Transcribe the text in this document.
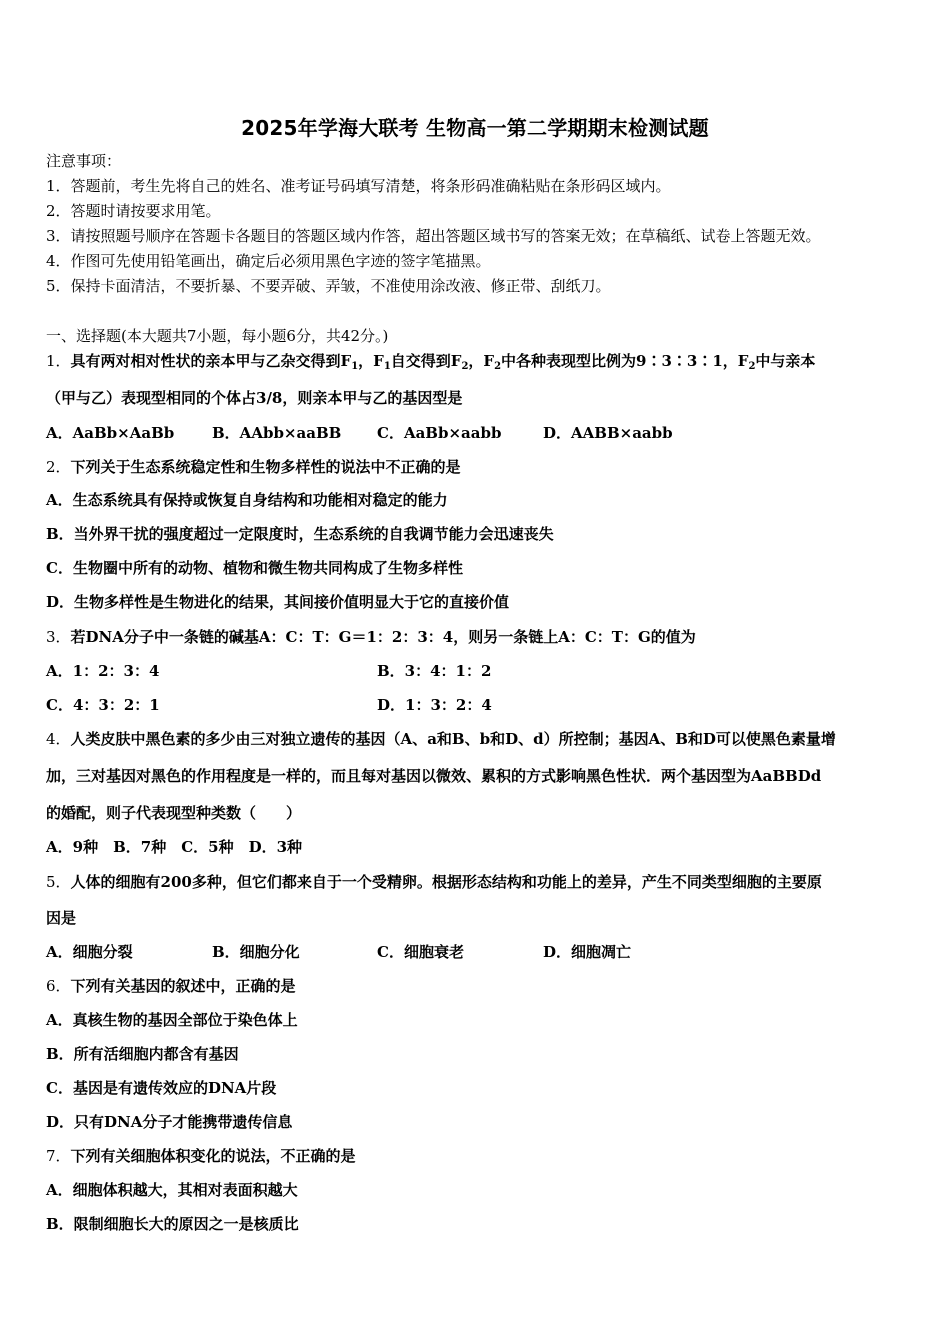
2025年学海大联考 生物高一第二学期期末检测试题
注意事项：
1．答题前，考生先将自己的姓名、准考证号码填写清楚，将条形码准确粘贴在条形码区域内。
2．答题时请按要求用笔。
3．请按照题号顺序在答题卡各题目的答题区域内作答，超出答题区域书写的答案无效；在草稿纸、试卷上答题无效。
4．作图可先使用铅笔画出，确定后必须用黑色字迹的签字笔描黑。
5．保持卡面清洁，不要折暴、不要弄破、弄皱，不准使用涂改液、修正带、刮纸刀。
一、选择题(本大题共7小题，每小题6分，共42分。)
1．具有两对相对性状的亲本甲与乙杂交得到$F_1$，$F_1$自交得到$F_2$，$F_2$中各种表现型比例为9∶3∶3∶1，$F_2$中与亲本
（甲与乙）表现型相同的个体占3/8，则亲本甲与乙的基因型是
A．AaBb×AaBb	B．AAbb×aaBB C．AaBb×aabb	D．AABB×aabb
2．下列关于生态系统稳定性和生物多样性的说法中不正确的是
A．生态系统具有保持或恢复自身结构和功能相对稳定的能力
B．当外界干扰的强度超过一定限度时，生态系统的自我调节能力会迅速丧失
C．生物圈中所有的动物、植物和微生物共同构成了生物多样性
D．生物多样性是生物进化的结果，其间接价值明显大于它的直接价值
3．若DNA分子中一条链的碱基A：C：T：G＝1：2：3：4，则另一条链上A：C：T：G的值为
A．1：2：3：4	B．3：4：1：2
C．4：3：2：1	D．1：3：2：4
4．人类皮肤中黑色素的多少由三对独立遗传的基因（A、a和B、b和D、d）所控制；基因A、B和D可以使黑色素量增
加，三对基因对黑色的作用程度是一样的，而且每对基因以微效、累积的方式影响黑色性状．两个基因型为AaBBDd
的婚配，则子代表现型种类数（　　）
A．9种　B．7种　C．5种　D．3种
5．人体的细胞有200多种，但它们都来自于一个受精卵。根据形态结构和功能上的差异，产生不同类型细胞的主要原
因是
A．细胞分裂	B．细胞分化	C．细胞衰老	D．细胞凋亡
6．下列有关基因的叙述中，正确的是
A．真核生物的基因全部位于染色体上
B．所有活细胞内都含有基因
C．基因是有遗传效应的DNA片段
D．只有DNA分子才能携带遗传信息
7．下列有关细胞体积变化的说法，不正确的是
A．细胞体积越大，其相对表面积越大
B．限制细胞长大的原因之一是核质比
